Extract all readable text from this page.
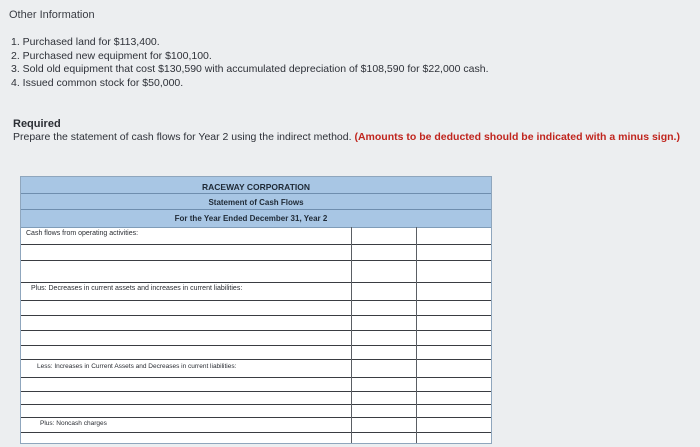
Other Information
1. Purchased land for $113,400.
2. Purchased new equipment for $100,100.
3. Sold old equipment that cost $130,590 with accumulated depreciation of $108,590 for $22,000 cash.
4. Issued common stock for $50,000.
Required
Prepare the statement of cash flows for Year 2 using the indirect method. (Amounts to be deducted should be indicated with a minus sign.)
RACEWAY CORPORATION
Statement of Cash Flows
For the Year Ended December 31, Year 2
Cash flows from operating activities:
Plus: Decreases in current assets and increases in current liabilities:
Less: Increases in Current Assets and Decreases in current liabilities:
Plus: Noncash charges
